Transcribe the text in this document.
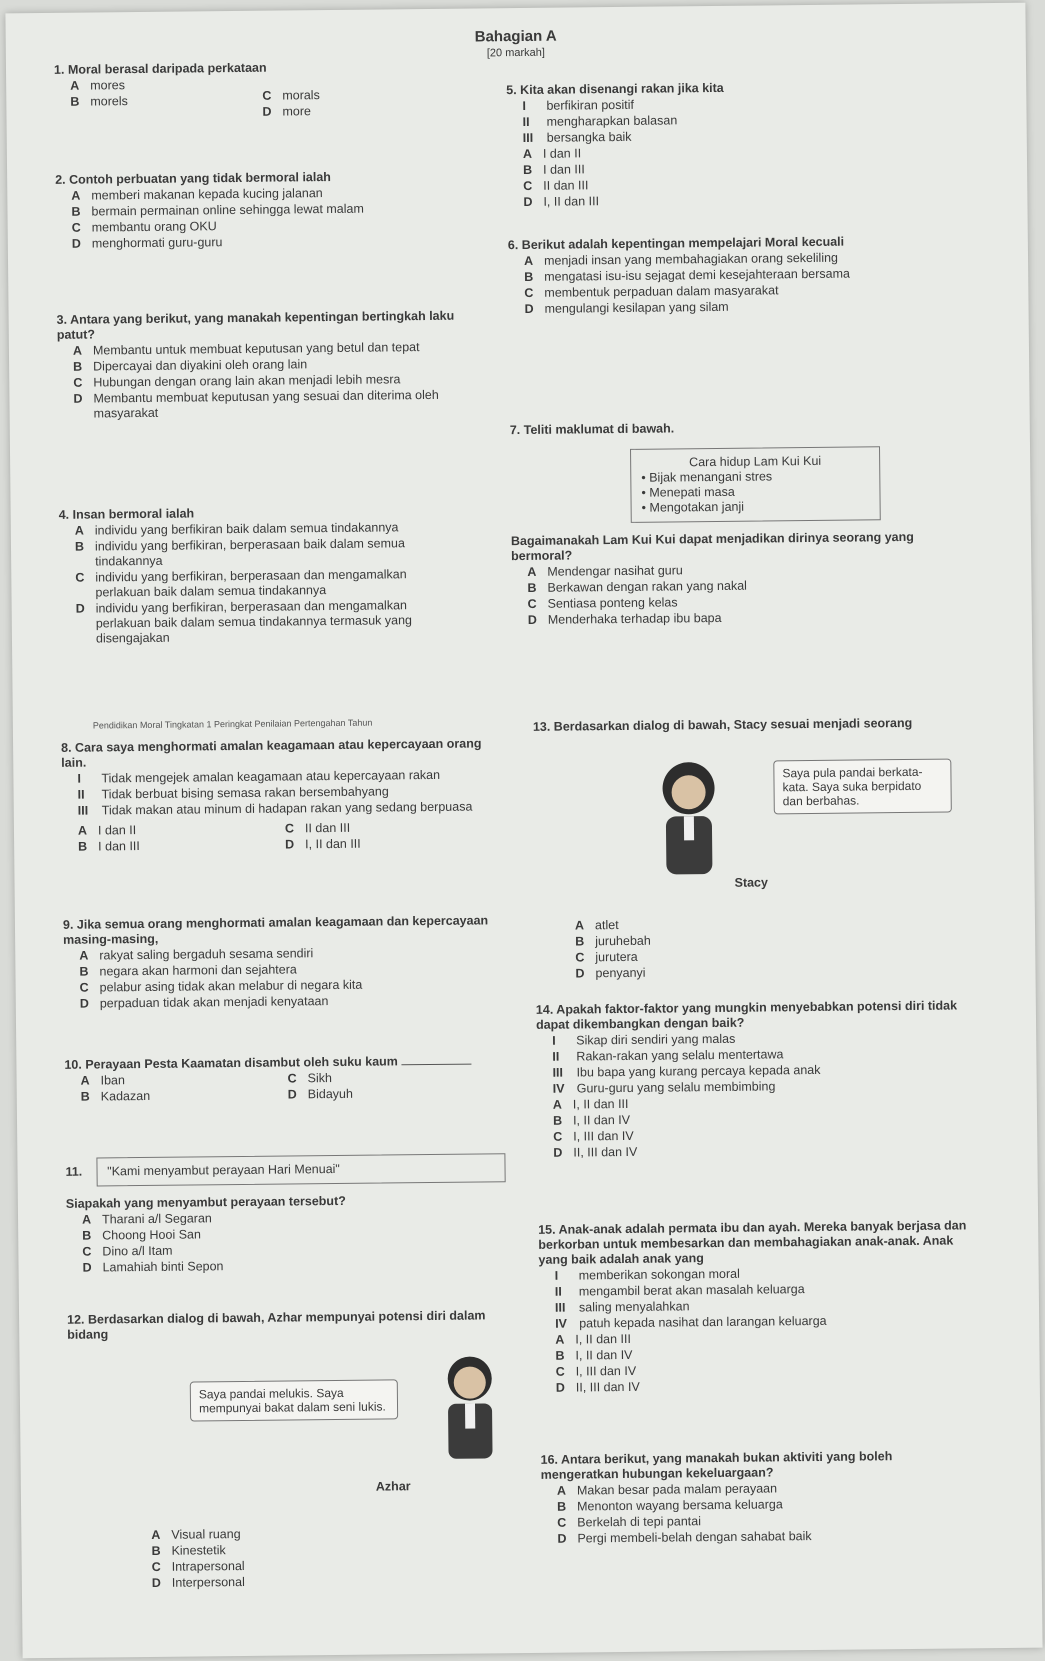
Bahagian A
[20 markah]
1. Moral berasal daripada perkataan
A mores
B morels	C morals
D more
2. Contoh perbuatan yang tidak bermoral ialah
A memberi makanan kepada kucing jalanan
B bermain permainan online sehingga lewat malam
C membantu orang OKU
D menghormati guru-guru
3. Antara yang berikut, yang manakah kepentingan bertingkah laku patut?
A Membantu untuk membuat keputusan yang betul dan tepat
B Dipercayai dan diyakini oleh orang lain
C Hubungan dengan orang lain akan menjadi lebih mesra
D Membantu membuat keputusan yang sesuai dan diterima oleh masyarakat
4. Insan bermoral ialah
A individu yang berfikiran baik dalam semua tindakannya
B individu yang berfikiran, berperasaan baik dalam semua tindakannya
C individu yang berfikiran, berperasaan dan mengamalkan perlakuan baik dalam semua tindakannya
D individu yang berfikiran, berperasaan dan mengamalkan perlakuan baik dalam semua tindakannya termasuk yang disengajakan
Pendidikan Moral Tingkatan 1 Peringkat Penilaian Pertengahan Tahun
8. Cara saya menghormati amalan keagamaan atau kepercayaan orang lain.
I	Tidak mengejek amalan keagamaan atau kepercayaan rakan
II	Tidak berbuat bising semasa rakan bersembahyang
III	Tidak makan atau minum di hadapan rakan yang sedang berpuasa
A I dan II
B I dan III
C II dan III
D I, II dan III
9. Jika semua orang menghormati amalan keagamaan dan kepercayaan masing-masing,
A rakyat saling bergaduh sesama sendiri
B negara akan harmoni dan sejahtera
C pelabur asing tidak akan melabur di negara kita
D perpaduan tidak akan menjadi kenyataan
10. Perayaan Pesta Kaamatan disambut oleh suku kaum
A Iban
B Kadazan
C Sikh
D Bidayuh
11.	"Kami menyambut perayaan Hari Menuai"
Siapakah yang menyambut perayaan tersebut?
A Tharani a/l Segaran
B Choong Hooi San
C Dino a/l Itam
D Lamahiah binti Sepon
12. Berdasarkan dialog di bawah, Azhar mempunyai potensi diri dalam bidang
Saya pandai melukis. Saya mempunyai bakat dalam seni lukis.
Azhar
A Visual ruang
B Kinestetik
C Intrapersonal
D Interpersonal
5. Kita akan disenangi rakan jika kita
I	berfikiran positif
II	mengharapkan balasan
III	bersangka baik
A I dan II
B I dan III
C II dan III
D I, II dan III
6. Berikut adalah kepentingan mempelajari Moral kecuali
A menjadi insan yang membahagiakan orang sekeliling
B mengatasi isu-isu sejagat demi kesejahteraan bersama
C membentuk perpaduan dalam masyarakat
D mengulangi kesilapan yang silam
7. Teliti maklumat di bawah.
Cara hidup Lam Kui Kui
• Bijak menangani stres
• Menepati masa
• Mengotakan janji
Bagaimanakah Lam Kui Kui dapat menjadikan dirinya seorang yang bermoral?
A Mendengar nasihat guru
B Berkawan dengan rakan yang nakal
C Sentiasa ponteng kelas
D Menderhaka terhadap ibu bapa
13. Berdasarkan dialog di bawah, Stacy sesuai menjadi seorang
Saya pula pandai berkata-kata. Saya suka berpidato dan berbahas.
Stacy
A atlet
B juruhebah
C jurutera
D penyanyi
14. Apakah faktor-faktor yang mungkin menyebabkan potensi diri tidak dapat dikembangkan dengan baik?
I	Sikap diri sendiri yang malas
II	Rakan-rakan yang selalu mentertawa
III	Ibu bapa yang kurang percaya kepada anak
IV Guru-guru yang selalu membimbing
A I, II dan III
B I, II dan IV
C I, III dan IV
D II, III dan IV
15. Anak-anak adalah permata ibu dan ayah. Mereka banyak berjasa dan berkorban untuk membesarkan dan membahagiakan anak-anak. Anak yang baik adalah anak yang
I	memberikan sokongan moral
II	mengambil berat akan masalah keluarga
III	saling menyalahkan
IV patuh kepada nasihat dan larangan keluarga
A I, II dan III
B I, II dan IV
C I, III dan IV
D II, III dan IV
16. Antara berikut, yang manakah bukan aktiviti yang boleh mengeratkan hubungan kekeluargaan?
A Makan besar pada malam perayaan
B Menonton wayang bersama keluarga
C Berkelah di tepi pantai
D Pergi membeli-belah dengan sahabat baik
